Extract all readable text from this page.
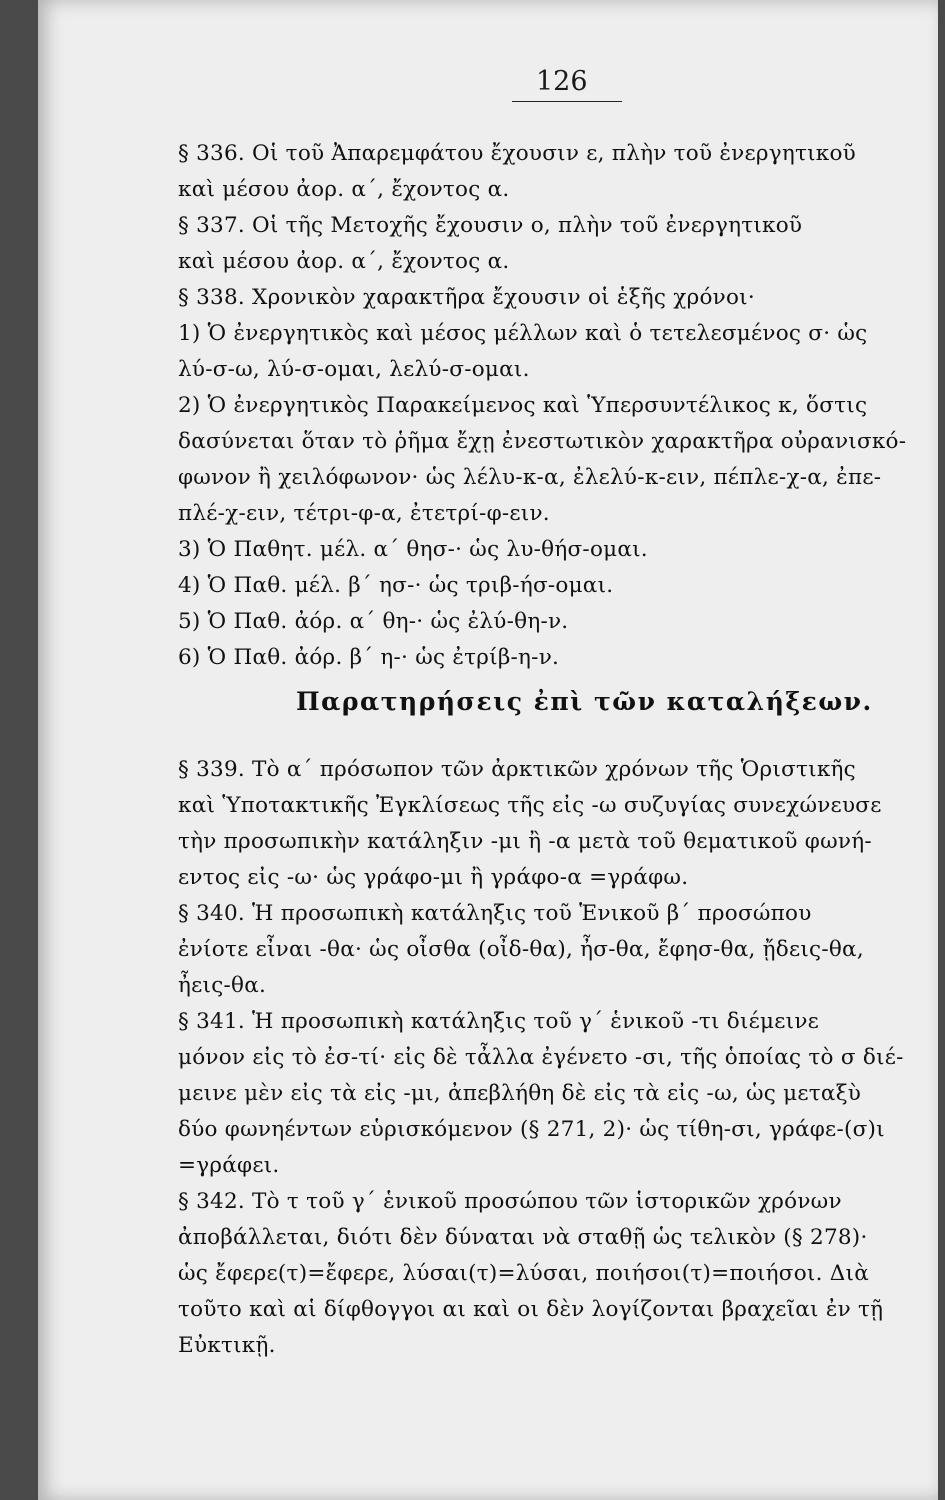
126
§ 336. Οἱ τοῦ Ἀπαρεμφάτου ἔχουσιν ε, πλὴν τοῦ ἐνεργητικοῦ
καὶ μέσου ἀορ. α΄, ἔχοντος α.
§ 337. Οἱ τῆς Μετοχῆς ἔχουσιν ο, πλὴν τοῦ ἐνεργητικοῦ
καὶ μέσου ἀορ. α΄, ἔχοντος α.
§ 338. Χρονικὸν χαρακτῆρα ἔχουσιν οἱ ἑξῆς χρόνοι·
1) Ὁ ἐνεργητικὸς καὶ μέσος μέλλων καὶ ὁ τετελεσμένος σ· ὡς
λύ-σ-ω, λύ-σ-ομαι, λελύ-σ-ομαι.
2) Ὁ ἐνεργητικὸς Παρακείμενος καὶ Ὑπερσυντέλικος κ, ὅστις
δασύνεται ὅταν τὸ ῥῆμα ἔχῃ ἐνεστωτικὸν χαρακτῆρα οὐρανισκό-
φωνον ἢ χειλόφωνον· ὡς λέλυ-κ-α, ἐλελύ-κ-ειν, πέπλε-χ-α, ἐπε-
πλέ-χ-ειν, τέτρι-φ-α, ἐτετρί-φ-ειν.
3) Ὁ Παθητ. μέλ. α΄ θησ-· ὡς λυ-θήσ-ομαι.
4) Ὁ Παθ. μέλ. β΄ ησ-· ὡς τριβ-ήσ-ομαι.
5) Ὁ Παθ. ἀόρ. α΄ θη-· ὡς ἐλύ-θη-ν.
6) Ὁ Παθ. ἀόρ. β΄ η-· ὡς ἐτρίβ-η-ν.
Παρατηρήσεις ἐπὶ τῶν καταλήξεων.
§ 339. Τὸ α΄ πρόσωπον τῶν ἀρκτικῶν χρόνων τῆς Ὁριστικῆς
καὶ Ὑποτακτικῆς Ἐγκλίσεως τῆς εἰς -ω συζυγίας συνεχώνευσε
τὴν προσωπικὴν κατάληξιν -μι ἢ -α μετὰ τοῦ θεματικοῦ φωνή-
εντος εἰς -ω· ὡς γράφο-μι ἢ γράφο-α =γράφω.
§ 340. Ἡ προσωπικὴ κατάληξις τοῦ Ἑνικοῦ β΄ προσώπου
ἐνίοτε εἶναι -θα· ὡς οἶσθα (οἶδ-θα), ἦσ-θα, ἔφησ-θα, ᾔδεις-θα,
ἦεις-θα.
§ 341. Ἡ προσωπικὴ κατάληξις τοῦ γ΄ ἑνικοῦ -τι διέμεινε
μόνον εἰς τὸ ἐσ-τί· εἰς δὲ τἆλλα ἐγένετο -σι, τῆς ὁποίας τὸ σ διέ-
μεινε μὲν εἰς τὰ εἰς -μι, ἀπεβλήθη δὲ εἰς τὰ εἰς -ω, ὡς μεταξὺ
δύο φωνηέντων εὑρισκόμενον (§ 271, 2)· ὡς τίθη-σι, γράφε-(σ)ι
=γράφει.
§ 342. Τὸ τ τοῦ γ΄ ἑνικοῦ προσώπου τῶν ἱστορικῶν χρόνων
ἀποβάλλεται, διότι δὲν δύναται νὰ σταθῇ ὡς τελικὸν (§ 278)·
ὡς ἔφερε(τ)=ἔφερε, λύσαι(τ)=λύσαι, ποιήσοι(τ)=ποιήσοι. Διὰ
τοῦτο καὶ αἱ δίφθογγοι αι καὶ οι δὲν λογίζονται βραχεῖαι ἐν τῇ
Εὐκτικῇ.
